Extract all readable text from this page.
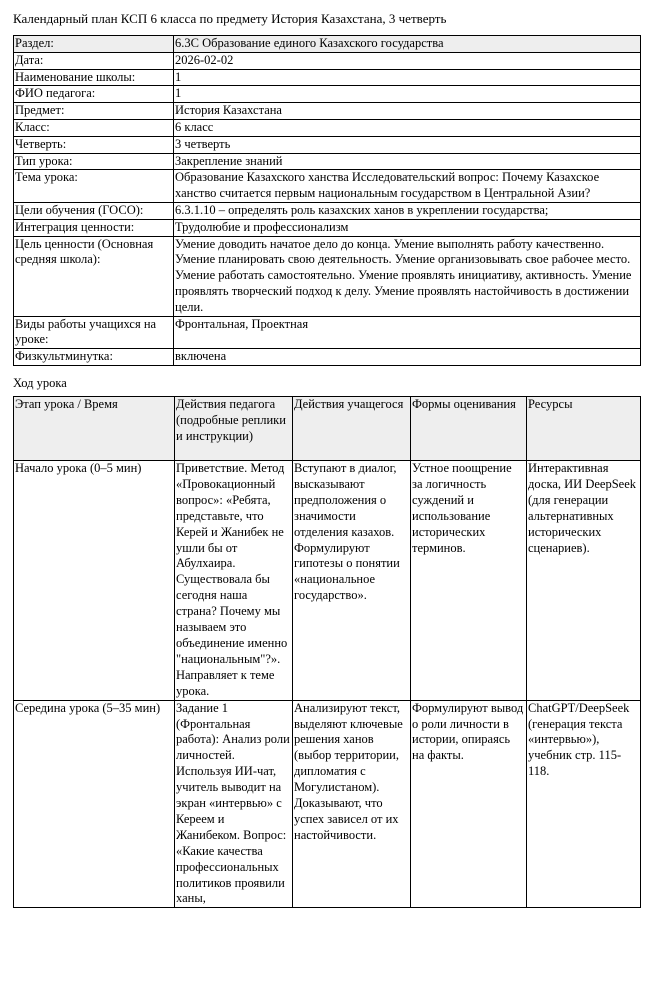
Календарный план КСП 6 класса по предмету История Казахстана, 3 четверть
Раздел:	6.3С Образование единого Казахского государства
Дата:	2026-02-02
Наименование школы:	1
ФИО педагога:	1
Предмет:	История Казахстана
Класс:	6 класс
Четверть:	3 четверть
Тип урока:	Закрепление знаний
Тема урока:	Образование Казахского ханства Исследовательский вопрос: Почему Казахское ханство считается первым национальным государством в Центральной Азии?
Цели обучения (ГОСО):	6.3.1.10 – определять роль казахских ханов в укреплении государства;
Интеграция ценности:	Трудолюбие и профессионализм
Цель ценности (Основная средняя школа):	Умение доводить начатое дело до конца. Умение выполнять работу качественно. Умение планировать свою деятельность. Умение организовывать свое рабочее место. Умение работать самостоятельно. Умение проявлять инициативу, активность. Умение проявлять творческий подход к делу. Умение проявлять настойчивость в достижении цели.
Виды работы учащихся на уроке:	Фронтальная, Проектная
Физкультминутка:	включена
Ход урока
Этап урока / Время	Действия педагога (подробные реплики и инструкции)	Действия учащегося	Формы оценивания	Ресурсы
Начало урока (0–5 мин)	Приветствие. Метод «Провокационный вопрос»: «Ребята, представьте, что Керей и Жанибек не ушли бы от Абулхаира. Существовала бы сегодня наша страна? Почему мы называем это объединение именно "национальным"?». Направляет к теме урока.	Вступают в диалог, высказывают предположения о значимости отделения казахов. Формулируют гипотезы о понятии «национальное государство».	Устное поощрение за логичность суждений и использование исторических терминов.	Интерактивная доска, ИИ DeepSeek (для генерации альтернативных исторических сценариев).
Середина урока (5–35 мин)	Задание 1 (Фронтальная работа): Анализ роли личностей. Используя ИИ-чат, учитель выводит на экран «интервью» с Кереем и Жанибеком. Вопрос: «Какие качества профессиональных политиков проявили ханы,	Анализируют текст, выделяют ключевые решения ханов (выбор территории, дипломатия с Могулистаном). Доказывают, что успех зависел от их настойчивости.	Формулируют вывод о роли личности в истории, опираясь на факты.	ChatGPT/DeepSeek (генерация текста «интервью»), учебник стр. 115-118.
